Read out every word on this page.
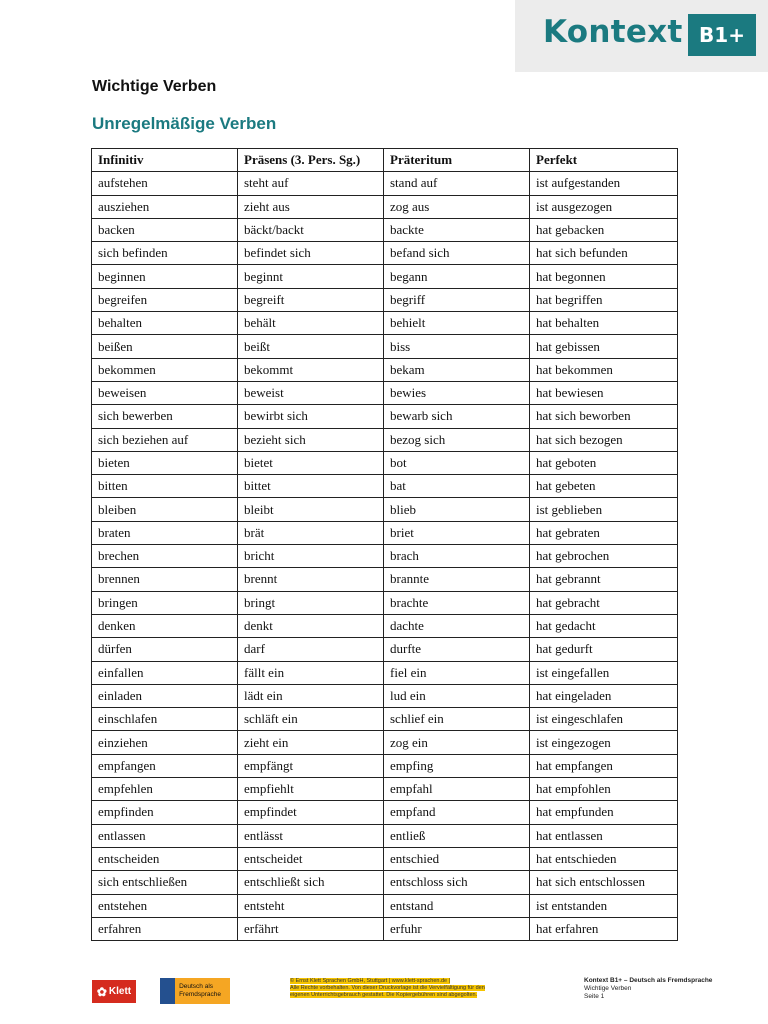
Kontext B1+
Wichtige Verben
Unregelmäßige Verben
Infinitiv	Präsens (3. Pers. Sg.)	Präteritum	Perfekt
aufstehen	steht auf	stand auf	ist aufgestanden
ausziehen	zieht aus	zog aus	ist ausgezogen
backen	bäckt/backt	backte	hat gebacken
sich befinden	befindet sich	befand sich	hat sich befunden
beginnen	beginnt	begann	hat begonnen
begreifen	begreift	begriff	hat begriffen
behalten	behält	behielt	hat behalten
beißen	beißt	biss	hat gebissen
bekommen	bekommt	bekam	hat bekommen
beweisen	beweist	bewies	hat bewiesen
sich bewerben	bewirbt sich	bewarb sich	hat sich beworben
sich beziehen auf	bezieht sich	bezog sich	hat sich bezogen
bieten	bietet	bot	hat geboten
bitten	bittet	bat	hat gebeten
bleiben	bleibt	blieb	ist geblieben
braten	brät	briet	hat gebraten
brechen	bricht	brach	hat gebrochen
brennen	brennt	brannte	hat gebrannt
bringen	bringt	brachte	hat gebracht
denken	denkt	dachte	hat gedacht
dürfen	darf	durfte	hat gedurft
einfallen	fällt ein	fiel ein	ist eingefallen
einladen	lädt ein	lud ein	hat eingeladen
einschlafen	schläft ein	schlief ein	ist eingeschlafen
einziehen	zieht ein	zog ein	ist eingezogen
empfangen	empfängt	empfing	hat empfangen
empfehlen	empfiehlt	empfahl	hat empfohlen
empfinden	empfindet	empfand	hat empfunden
entlassen	entlässt	entließ	hat entlassen
entscheiden	entscheidet	entschied	hat entschieden
sich entschließen	entschließt sich	entschloss sich	hat sich entschlossen
entstehen	entsteht	entstand	ist entstanden
erfahren	erfährt	erfuhr	hat erfahren
✿ Klett	Deutsch als Fremdsprache
© Ernst Klett Sprachen GmbH, Stuttgart | www.klett-sprachen.de |
Alle Rechte vorbehalten. Von dieser Druckvorlage ist die Vervielfältigung für den
eigenen Unterrichtsgebrauch gestattet. Die Kopiergebühren sind abgegolten.
Kontext B1+ – Deutsch als Fremdsprache
Wichtige Verben
Seite 1
